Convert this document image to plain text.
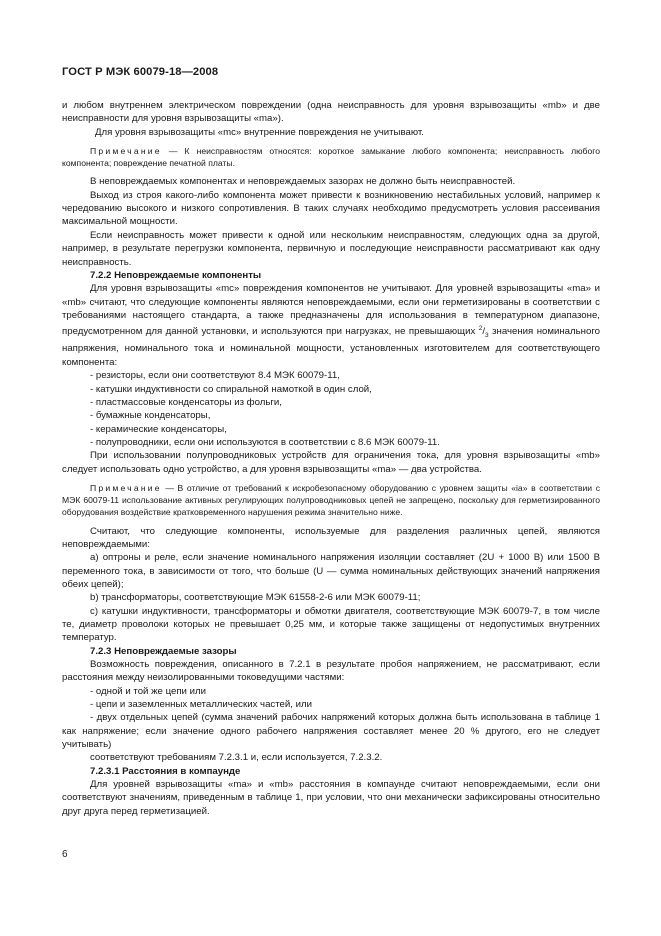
ГОСТ Р МЭК 60079-18—2008

и любом внутреннем электрическом повреждении (одна неисправность для уровня взрывозащиты «mb» и две неисправности для уровня взрывозащиты «ma»).

Для уровня взрывозащиты «mc» внутренние повреждения не учитывают.

Примечание — К неисправностям относятся: короткое замыкание любого компонента; неисправность любого компонента; повреждение печатной платы.

В неповреждаемых компонентах и неповреждаемых зазорах не должно быть неисправностей.

Выход из строя какого-либо компонента может привести к возникновению нестабильных условий, например к чередованию высокого и низкого сопротивления. В таких случаях необходимо предусмотреть условия рассеивания максимальной мощности.

Если неисправность может привести к одной или нескольким неисправностям, следующих одна за другой, например, в результате перегрузки компонента, первичную и последующие неисправности рассматривают как одну неисправность.

7.2.2 Неповреждаемые компоненты

Для уровня взрывозащиты «mc» повреждения компонентов не учитывают. Для уровней взрывозащиты «ma» и «mb» считают, что следующие компоненты являются неповреждаемыми, если они герметизированы в соответствии с требованиями настоящего стандарта, а также предназначены для использования в температурном диапазоне, предусмотренном для данной установки, и используются при нагрузках, не превышающих $^2/_3$ значения номинального напряжения, номинального тока и номинальной мощности, установленных изготовителем для соответствующего компонента:

- резисторы, если они соответствуют 8.4 МЭК 60079-11,

- катушки индуктивности со спиральной намоткой в один слой,

- пластмассовые конденсаторы из фольги,

- бумажные конденсаторы,

- керамические конденсаторы,

- полупроводники, если они используются в соответствии с 8.6 МЭК 60079-11.

При использовании полупроводниковых устройств для ограничения тока, для уровня взрывозащиты «mb» следует использовать одно устройство, а для уровня взрывозащиты «ma» — два устройства.

Примечание — В отличие от требований к искробезопасному оборудованию с уровнем защиты «ia» в соответствии с МЭК 60079-11 использование активных регулирующих полупроводниковых цепей не запрещено, поскольку для герметизированного оборудования воздействие кратковременного нарушения режима значительно ниже.

Считают, что следующие компоненты, используемые для разделения различных цепей, являются неповреждаемыми:

а) оптроны и реле, если значение номинального напряжения изоляции составляет (2U + 1000 В) или 1500 В переменного тока, в зависимости от того, что больше (U — сумма номинальных действующих значений напряжения обеих цепей);

b) трансформаторы, соответствующие МЭК 61558-2-6 или МЭК 60079-11;

c) катушки индуктивности, трансформаторы и обмотки двигателя, соответствующие МЭК 60079-7, в том числе те, диаметр проволоки которых не превышает 0,25 мм, и которые также защищены от недопустимых внутренних температур.

7.2.3 Неповреждаемые зазоры

Возможность повреждения, описанного в 7.2.1 в результате пробоя напряжением, не рассматривают, если расстояния между неизолированными токоведущими частями:

- одной и той же цепи или

- цепи и заземленных металлических частей, или

- двух отдельных цепей (сумма значений рабочих напряжений которых должна быть использована в таблице 1 как напряжение; если значение одного рабочего напряжения составляет менее 20 % другого, его не следует учитывать)

соответствуют требованиям 7.2.3.1 и, если используется, 7.2.3.2.

7.2.3.1 Расстояния в компаунде

Для уровней взрывозащиты «ma» и «mb» расстояния в компаунде считают неповреждаемыми, если они соответствуют значениям, приведенным в таблице 1, при условии, что они механически зафиксированы относительно друг друга перед герметизацией.

6
